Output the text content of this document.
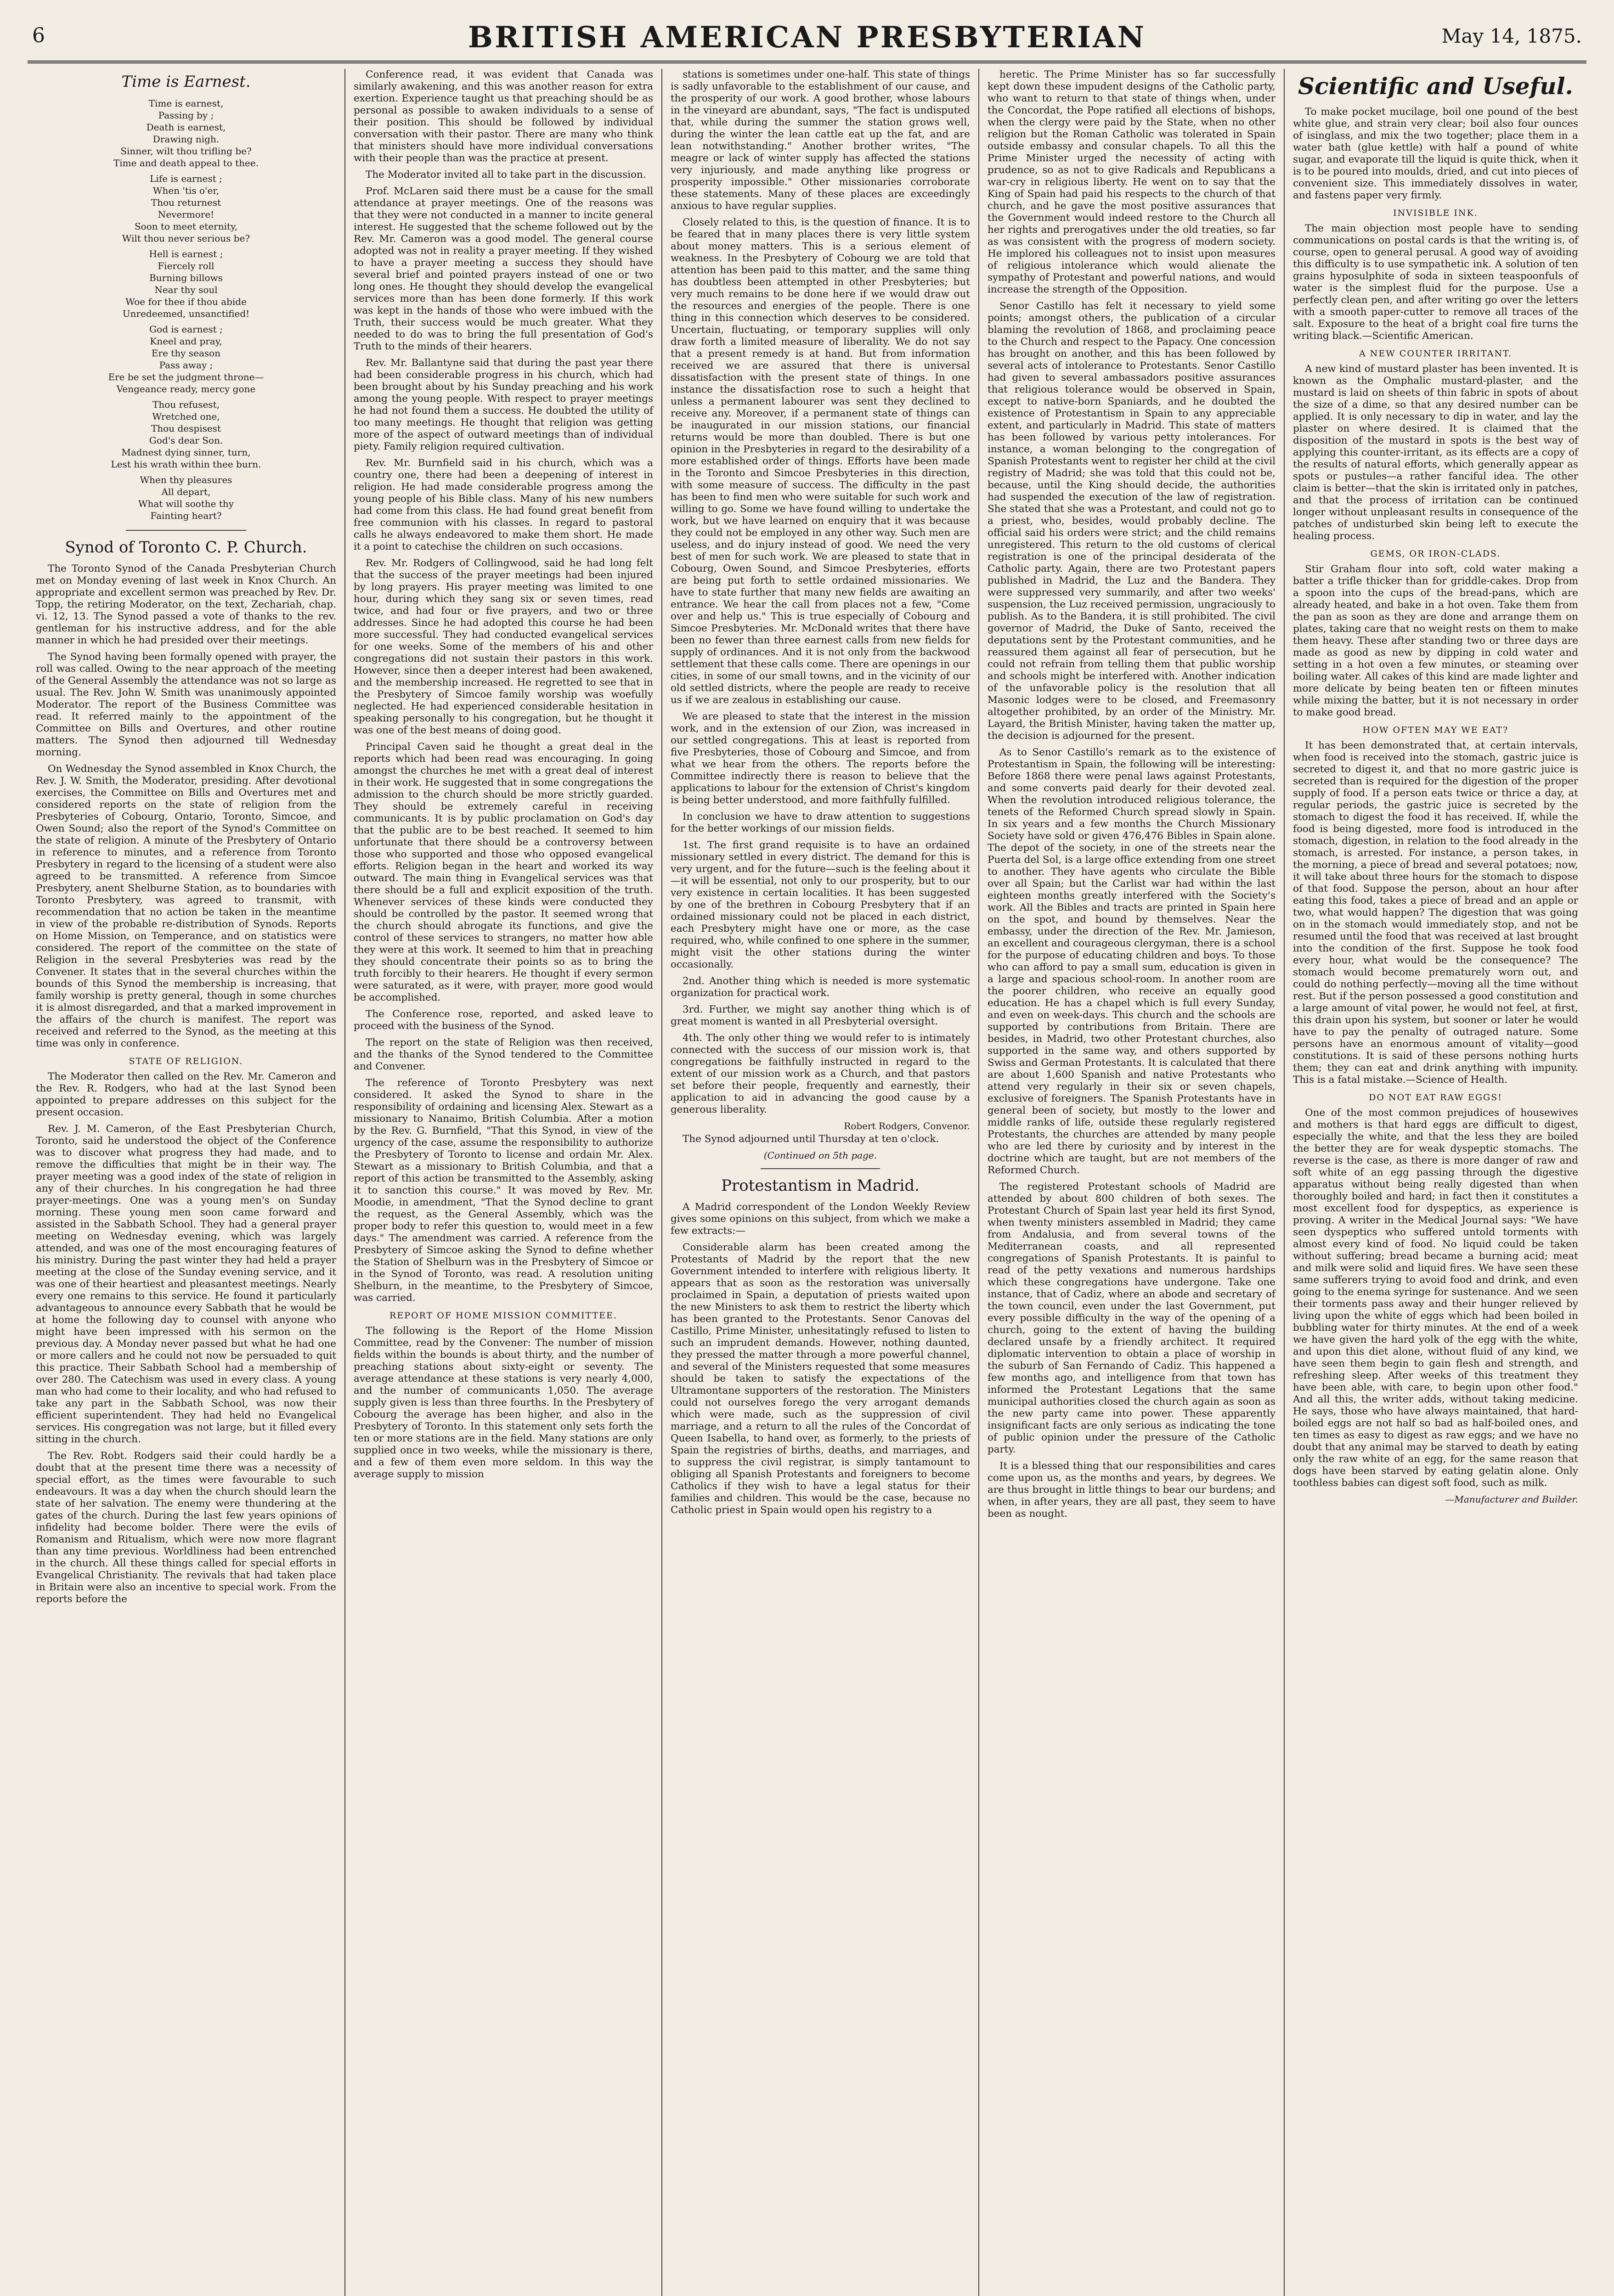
6	BRITISH AMERICAN PRESBYTERIAN	May 14, 1875.
Time is Earnest.
Time is earnest,
Passing by ;
Death is earnest,
Drawing nigh.
Sinner, wilt thou trifling be?
Time and death appeal to thee.
Life is earnest ;
When 'tis o'er,
Thou returnest
Nevermore!
Soon to meet eternity,
Wilt thou never serious be?
Hell is earnest ;
Fiercely roll
Burning billows
Near thy soul
Woe for thee if thou abide
Unredeemed, unsanctified!
God is earnest ;
Kneel and pray,
Ere thy season
Pass away ;
Ere be set the judgment throne—
Vengeance ready, mercy gone
Thou refusest,
Wretched one,
Thou despisest
God's dear Son.
Madnest dying sinner, turn,
Lest his wrath within thee burn.
When thy pleasures
All depart,
What will soothe thy
Fainting heart?
Synod of Toronto C. P. Church.

The Toronto Synod of the Canada Presbyterian Church met on Monday evening of last week in Knox Church. An appropriate and excellent sermon was preached by Rev. Dr. Topp, the retiring Moderator, on the text, Zechariah, chap. vi. 12, 13. The Synod passed a vote of thanks to the rev. gentleman for his instructive address, and for the able manner in which he had presided over their meetings.

The Synod having been formally opened with prayer, the roll was called. Owing to the near approach of the meeting of the General Assembly the attendance was not so large as usual. The Rev. John W. Smith was unanimously appointed Moderator. The report of the Business Committee was read. It referred mainly to the appointment of the Committee on Bills and Overtures, and other routine matters. The Synod then adjourned till Wednesday morning.

On Wednesday the Synod assembled in Knox Church, the Rev. J. W. Smith, the Moderator, presiding. After devotional exercises, the Committee on Bills and Overtures met and considered reports on the state of religion from the Presbyteries of Cobourg, Ontario, Toronto, Simcoe, and Owen Sound; also the report of the Synod's Committee on the state of religion. A minute of the Presbytery of Ontario in reference to minutes, and a reference from Toronto Presbytery in regard to the licensing of a student were also agreed to be transmitted. A reference from Simcoe Presbytery, anent Shelburne Station, as to boundaries with Toronto Presbytery, was agreed to transmit, with recommendation that no action be taken in the meantime in view of the probable re-distribution of Synods. Reports on Home Mission, on Temperance, and on statistics were considered. The report of the committee on the state of Religion in the several Presbyteries was read by the Convener. It states that in the several churches within the bounds of this Synod the membership is increasing, that family worship is pretty general, though in some churches it is almost disregarded, and that a marked improvement in the affairs of the church is manifest. The report was received and referred to the Synod, as the meeting at this time was only in conference.

STATE OF RELIGION.

The Moderator then called on the Rev. Mr. Cameron and the Rev. R. Rodgers, who had at the last Synod been appointed to prepare addresses on this subject for the present occasion.

Rev. J. M. Cameron, of the East Presbyterian Church, Toronto, said he understood the object of the Conference was to discover what progress they had made, and to remove the difficulties that might be in their way. The prayer meeting was a good index of the state of religion in any of their churches. In his congregation he had three prayer-meetings. One was a young men's on Sunday morning. These young men soon came forward and assisted in the Sabbath School. They had a general prayer meeting on Wednesday evening, which was largely attended, and was one of the most encouraging features of his ministry. During the past winter they had held a prayer meeting at the close of the Sunday evening service, and it was one of their heartiest and pleasantest meetings. Nearly every one remains to this service. He found it particularly advantageous to announce every Sabbath that he would be at home the following day to counsel with anyone who might have been impressed with his sermon on the previous day. A Monday never passed but what he had one or more callers and he could not now be persuaded to quit this practice. Their Sabbath School had a membership of over 280. The Catechism was used in every class. A young man who had come to their locality, and who had refused to take any part in the Sabbath School, was now their efficient superintendent. They had held no Evangelical services. His congregation was not large, but it filled every sitting in the church.

The Rev. Robt. Rodgers said their could hardly be a doubt that at the present time there was a necessity of special effort, as the times were favourable to such endeavours. It was a day when the church should learn the state of her salvation. The enemy were thundering at the gates of the church. During the last few years opinions of infidelity had become bolder. There were the evils of Romanism and Ritualism, which were now more flagrant than any time previous. Worldliness had been entrenched in the church. All these things called for special efforts in Evangelical Christianity. The revivals that had taken place in Britain were also an incentive to special work. From the reports before the

Conference read, it was evident that Canada was similarly awakening, and this was another reason for extra exertion. Experience taught us that preaching should be as personal as possible to awaken individuals to a sense of their position. This should be followed by individual conversation with their pastor. There are many who think that ministers should have more individual conversations with their people than was the practice at present.

The Moderator invited all to take part in the discussion.

Prof. McLaren said there must be a cause for the small attendance at prayer meetings. One of the reasons was that they were not conducted in a manner to incite general interest. He suggested that the scheme followed out by the Rev. Mr. Cameron was a good model. The general course adopted was not in reality a prayer meeting. If they wished to have a prayer meeting a success they should have several brief and pointed prayers instead of one or two long ones. He thought they should develop the evangelical services more than has been done formerly. If this work was kept in the hands of those who were imbued with the Truth, their success would be much greater. What they needed to do was to bring the full presentation of God's Truth to the minds of their hearers.

Rev. Mr. Ballantyne said that during the past year there had been considerable progress in his church, which had been brought about by his Sunday preaching and his work among the young people. With respect to prayer meetings he had not found them a success. He doubted the utility of too many meetings. He thought that religion was getting more of the aspect of outward meetings than of individual piety. Family religion required cultivation.

Rev. Mr. Burnfield said in his church, which was a country one, there had been a deepening of interest in religion. He had made considerable progress among the young people of his Bible class. Many of his new numbers had come from this class. He had found great benefit from free communion with his classes. In regard to pastoral calls he always endeavored to make them short. He made it a point to catechise the children on such occasions.

Rev. Mr. Rodgers of Collingwood, said he had long felt that the success of the prayer meetings had been injured by long prayers. His prayer meeting was limited to one hour, during which they sang six or seven times, read twice, and had four or five prayers, and two or three addresses. Since he had adopted this course he had been more successful. They had conducted evangelical services for one weeks. Some of the members of his and other congregations did not sustain their pastors in this work. However, since then a deeper interest had been awakened, and the membership increased. He regretted to see that in the Presbytery of Simcoe family worship was woefully neglected. He had experienced considerable hesitation in speaking personally to his congregation, but he thought it was one of the best means of doing good.

Principal Caven said he thought a great deal in the reports which had been read was encouraging. In going amongst the churches he met with a great deal of interest in their work. He suggested that in some congregations the admission to the church should be more strictly guarded. They should be extremely careful in receiving communicants. It is by public proclamation on God's day that the public are to be best reached. It seemed to him unfortunate that there should be a controversy between those who supported and those who opposed evangelical efforts. Religion began in the heart and worked its way outward. The main thing in Evangelical services was that there should be a full and explicit exposition of the truth. Whenever services of these kinds were conducted they should be controlled by the pastor. It seemed wrong that the church should abrogate its functions, and give the control of these services to strangers, no matter how able they were at this work. It seemed to him that in preaching they should concentrate their points so as to bring the truth forcibly to their hearers. He thought if every sermon were saturated, as it were, with prayer, more good would be accomplished.

The Conference rose, reported, and asked leave to proceed with the business of the Synod.

The report on the state of Religion was then received, and the thanks of the Synod tendered to the Committee and Convener.

The reference of Toronto Presbytery was next considered. It asked the Synod to share in the responsibility of ordaining and licensing Alex. Stewart as a missionary to Nanaimo, British Columbia. After a motion by the Rev. G. Burnfield, "That this Synod, in view of the urgency of the case, assume the responsibility to authorize the Presbytery of Toronto to license and ordain Mr. Alex. Stewart as a missionary to British Columbia, and that a report of this action be transmitted to the Assembly, asking it to sanction this course." It was moved by Rev. Mr. Moodie, in amendment, "That the Synod decline to grant the request, as the General Assembly, which was the proper body to refer this question to, would meet in a few days." The amendment was carried. A reference from the Presbytery of Simcoe asking the Synod to define whether the Station of Shelburn was in the Presbytery of Simcoe or in the Synod of Toronto, was read. A resolution uniting Shelburn, in the meantime, to the Presbytery of Simcoe, was carried.

REPORT OF HOME MISSION COMMITTEE.

The following is the Report of the Home Mission Committee, read by the Convener: The number of mission fields within the bounds is about thirty, and the number of preaching stations about sixty-eight or seventy. The average attendance at these stations is very nearly 4,000, and the number of communicants 1,050. The average supply given is less than three fourths. In the Presbytery of Cobourg the average has been higher, and also in the Presbytery of Toronto. In this statement only sets forth the ten or more stations are in the field. Many stations are only supplied once in two weeks, while the missionary is there, and a few of them even more seldom. In this way the average supply to mission

stations is sometimes under one-half. This state of things is sadly unfavorable to the establishment of our cause, and the prosperity of our work. A good brother, whose labours in the vineyard are abundant, says, "The fact is undisputed that, while during the summer the station grows well, during the winter the lean cattle eat up the fat, and are lean notwithstanding." Another brother writes, "The meagre or lack of winter supply has affected the stations very injuriously, and made anything like progress or prosperity impossible." Other missionaries corroborate these statements. Many of these places are exceedingly anxious to have regular supplies.

Closely related to this, is the question of finance. It is to be feared that in many places there is very little system about money matters. This is a serious element of weakness. In the Presbytery of Cobourg we are told that attention has been paid to this matter, and the same thing has doubtless been attempted in other Presbyteries; but very much remains to be done here if we would draw out the resources and energies of the people. There is one thing in this connection which deserves to be considered. Uncertain, fluctuating, or temporary supplies will only draw forth a limited measure of liberality. We do not say that a present remedy is at hand. But from information received we are assured that there is universal dissatisfaction with the present state of things. In one instance the dissatisfaction rose to such a height that unless a permanent labourer was sent they declined to receive any. Moreover, if a permanent state of things can be inaugurated in our mission stations, our financial returns would be more than doubled. There is but one opinion in the Presbyteries in regard to the desirability of a more established order of things. Efforts have been made in the Toronto and Simcoe Presbyteries in this direction, with some measure of success. The difficulty in the past has been to find men who were suitable for such work and willing to go. Some we have found willing to undertake the work, but we have learned on enquiry that it was because they could not be employed in any other way. Such men are useless, and do injury instead of good. We need the very best of men for such work. We are pleased to state that in Cobourg, Owen Sound, and Simcoe Presbyteries, efforts are being put forth to settle ordained missionaries. We have to state further that many new fields are awaiting an entrance. We hear the call from places not a few, "Come over and help us." This is true especially of Cobourg and Simcoe Presbyteries. Mr. McDonald writes that there have been no fewer than three earnest calls from new fields for supply of ordinances. And it is not only from the backwood settlement that these calls come. There are openings in our cities, in some of our small towns, and in the vicinity of our old settled districts, where the people are ready to receive us if we are zealous in establishing our cause.

We are pleased to state that the interest in the mission work, and in the extension of our Zion, was increased in our settled congregations. This at least is reported from five Presbyteries, those of Cobourg and Simcoe, and from what we hear from the others. The reports before the Committee indirectly there is reason to believe that the applications to labour for the extension of Christ's kingdom is being better understood, and more faithfully fulfilled.

In conclusion we have to draw attention to suggestions for the better workings of our mission fields.

1st. The first grand requisite is to have an ordained missionary settled in every district. The demand for this is very urgent, and for the future—such is the feeling about it—it will be essential, not only to our prosperity, but to our very existence in certain localities. It has been suggested by one of the brethren in Cobourg Presbytery that if an ordained missionary could not be placed in each district, each Presbytery might have one or more, as the case required, who, while confined to one sphere in the summer, might visit the other stations during the winter occasionally.

2nd. Another thing which is needed is more systematic organization for practical work.

3rd. Further, we might say another thing which is of great moment is wanted in all Presbyterial oversight.

4th. The only other thing we would refer to is intimately connected with the success of our mission work is, that congregations be faithfully instructed in regard to the extent of our mission work as a Church, and that pastors set before their people, frequently and earnestly, their application to aid in advancing the good cause by a generous liberality.

Robert Rodgers, Convenor.

The Synod adjourned until Thursday at ten o'clock.

(Continued on 5th page.
Protestantism in Madrid.

A Madrid correspondent of the London Weekly Review gives some opinions on this subject, from which we make a few extracts:—

Considerable alarm has been created among the Protestants of Madrid by the report that the new Government intended to interfere with religious liberty. It appears that as soon as the restoration was universally proclaimed in Spain, a deputation of priests waited upon the new Ministers to ask them to restrict the liberty which has been granted to the Protestants. Senor Canovas del Castillo, Prime Minister, unhesitatingly refused to listen to such an imprudent demands. However, nothing daunted, they pressed the matter through a more powerful channel, and several of the Ministers requested that some measures should be taken to satisfy the expectations of the Ultramontane supporters of the restoration. The Ministers could not ourselves forego the very arrogant demands which were made, such as the suppression of civil marriage, and a return to all the rules of the Concordat of Queen Isabella, to hand over, as formerly, to the priests of Spain the registries of births, deaths, and marriages, and to suppress the civil registrar, is simply tantamount to obliging all Spanish Protestants and foreigners to become Catholics if they wish to have a legal status for their families and children. This would be the case, because no Catholic priest in Spain would open his registry to a

heretic. The Prime Minister has so far successfully kept down these impudent designs of the Catholic party, who want to return to that state of things when, under the Concordat, the Pope ratified all elections of bishops, when the clergy were paid by the State, when no other religion but the Roman Catholic was tolerated in Spain outside embassy and consular chapels. To all this the Prime Minister urged the necessity of acting with prudence, so as not to give Radicals and Republicans a war-cry in religious liberty. He went on to say that the King of Spain had paid his respects to the church of that church, and he gave the most positive assurances that the Government would indeed restore to the Church all her rights and prerogatives under the old treaties, so far as was consistent with the progress of modern society. He implored his colleagues not to insist upon measures of religious intolerance which would alienate the sympathy of Protestant and powerful nations, and would increase the strength of the Opposition.

Senor Castillo has felt it necessary to yield some points; amongst others, the publication of a circular blaming the revolution of 1868, and proclaiming peace to the Church and respect to the Papacy. One concession has brought on another, and this has been followed by several acts of intolerance to Protestants. Senor Castillo had given to several ambassadors positive assurances that religious tolerance would be observed in Spain, except to native-born Spaniards, and he doubted the existence of Protestantism in Spain to any appreciable extent, and particularly in Madrid. This state of matters has been followed by various petty intolerances. For instance, a woman belonging to the congregation of Spanish Protestants went to register her child at the civil registry of Madrid; she was told that this could not be, because, until the King should decide, the authorities had suspended the execution of the law of registration. She stated that she was a Protestant, and could not go to a priest, who, besides, would probably decline. The official said his orders were strict; and the child remains unregistered. This return to the old customs of clerical registration is one of the principal desiderata of the Catholic party. Again, there are two Protestant papers published in Madrid, the Luz and the Bandera. They were suppressed very summarily, and after two weeks' suspension, the Luz received permission, ungraciously to publish. As to the Bandera, it is still prohibited. The civil governor of Madrid, the Duke of Santo, received the deputations sent by the Protestant communities, and he reassured them against all fear of persecution, but he could not refrain from telling them that public worship and schools might be interfered with. Another indication of the unfavorable policy is the resolution that all Masonic lodges were to be closed, and Freemasonry altogether prohibited, by an order of the Ministry. Mr. Layard, the British Minister, having taken the matter up, the decision is adjourned for the present.

As to Senor Castillo's remark as to the existence of Protestantism in Spain, the following will be interesting: Before 1868 there were penal laws against Protestants, and some converts paid dearly for their devoted zeal. When the revolution introduced religious tolerance, the tenets of the Reformed Church spread slowly in Spain. In six years and a few months the Church Missionary Society have sold or given 476,476 Bibles in Spain alone. The depot of the society, in one of the streets near the Puerta del Sol, is a large office extending from one street to another. They have agents who circulate the Bible over all Spain; but the Carlist war had within the last eighteen months greatly interfered with the Society's work. All the Bibles and tracts are printed in Spain here on the spot, and bound by themselves. Near the embassy, under the direction of the Rev. Mr. Jamieson, an excellent and courageous clergyman, there is a school for the purpose of educating children and boys. To those who can afford to pay a small sum, education is given in a large and spacious school-room. In another room are the poorer children, who receive an equally good education. He has a chapel which is full every Sunday, and even on week-days. This church and the schools are supported by contributions from Britain. There are besides, in Madrid, two other Protestant churches, also supported in the same way, and others supported by Swiss and German Protestants. It is calculated that there are about 1,600 Spanish and native Protestants who attend very regularly in their six or seven chapels, exclusive of foreigners. The Spanish Protestants have in general been of society, but mostly to the lower and middle ranks of life, outside these regularly registered Protestants, the churches are attended by many people who are led there by curiosity and by interest in the doctrine which are taught, but are not members of the Reformed Church.

The registered Protestant schools of Madrid are attended by about 800 children of both sexes. The Protestant Church of Spain last year held its first Synod, when twenty ministers assembled in Madrid; they came from Andalusia, and from several towns of the Mediterranean coasts, and all represented congregations of Spanish Protestants. It is painful to read of the petty vexations and numerous hardships which these congregations have undergone. Take one instance, that of Cadiz, where an abode and secretary of the town council, even under the last Government, put every possible difficulty in the way of the opening of a church, going to the extent of having the building declared unsafe by a friendly architect. It required diplomatic intervention to obtain a place of worship in the suburb of San Fernando of Cadiz. This happened a few months ago, and intelligence from that town has informed the Protestant Legations that the same municipal authorities closed the church again as soon as the new party came into power. These apparently insignificant facts are only serious as indicating the tone of public opinion under the pressure of the Catholic party.

It is a blessed thing that our responsibilities and cares come upon us, as the months and years, by degrees. We are thus brought in little things to bear our burdens; and when, in after years, they are all past, they seem to have been as nought.

Scientific and Useful.

To make pocket mucilage, boil one pound of the best white glue, and strain very clear; boil also four ounces of isinglass, and mix the two together; place them in a water bath (glue kettle) with half a pound of white sugar, and evaporate till the liquid is quite thick, when it is to be poured into moulds, dried, and cut into pieces of convenient size. This immediately dissolves in water, and fastens paper very firmly.

INVISIBLE INK.

The main objection most people have to sending communications on postal cards is that the writing is, of course, open to general perusal. A good way of avoiding this difficulty is to use sympathetic ink. A solution of ten grains hyposulphite of soda in sixteen teaspoonfuls of water is the simplest fluid for the purpose. Use a perfectly clean pen, and after writing go over the letters with a smooth paper-cutter to remove all traces of the salt. Exposure to the heat of a bright coal fire turns the writing black.—Scientific American.

A NEW COUNTER IRRITANT.

A new kind of mustard plaster has been invented. It is known as the Omphalic mustard-plaster, and the mustard is laid on sheets of thin fabric in spots of about the size of a dime, so that any desired number can be applied. It is only necessary to dip in water, and lay the plaster on where desired. It is claimed that the disposition of the mustard in spots is the best way of applying this counter-irritant, as its effects are a copy of the results of natural efforts, which generally appear as spots or pustules—a rather fanciful idea. The other claim is better—that the skin is irritated only in patches, and that the process of irritation can be continued longer without unpleasant results in consequence of the patches of undisturbed skin being left to execute the healing process.

GEMS, OR IRON-CLADS.

Stir Graham flour into soft, cold water making a batter a trifle thicker than for griddle-cakes. Drop from a spoon into the cups of the bread-pans, which are already heated, and bake in a hot oven. Take them from the pan as soon as they are done and arrange them on plates, taking care that no weight rests on them to make them heavy. These after standing two or three days are made as good as new by dipping in cold water and setting in a hot oven a few minutes, or steaming over boiling water. All cakes of this kind are made lighter and more delicate by being beaten ten or fifteen minutes while mixing the batter, but it is not necessary in order to make good bread.

HOW OFTEN MAY WE EAT?

It has been demonstrated that, at certain intervals, when food is received into the stomach, gastric juice is secreted to digest it, and that no more gastric juice is secreted than is required for the digestion of the proper supply of food. If a person eats twice or thrice a day, at regular periods, the gastric juice is secreted by the stomach to digest the food it has received. If, while the food is being digested, more food is introduced in the stomach, digestion, in relation to the food already in the stomach, is arrested. For instance, a person takes, in the morning, a piece of bread and several potatoes; now, it will take about three hours for the stomach to dispose of that food. Suppose the person, about an hour after eating this food, takes a piece of bread and an apple or two, what would happen? The digestion that was going on in the stomach would immediately stop, and not be resumed until the food that was received at last brought into the condition of the first. Suppose he took food every hour, what would be the consequence? The stomach would become prematurely worn out, and could do nothing perfectly—moving all the time without rest. But if the person possessed a good constitution and a large amount of vital power, he would not feel, at first, this drain upon his system, but sooner or later he would have to pay the penalty of outraged nature. Some persons have an enormous amount of vitality—good constitutions. It is said of these persons nothing hurts them; they can eat and drink anything with impunity. This is a fatal mistake.—Science of Health.

DO NOT EAT RAW EGGS!

One of the most common prejudices of housewives and mothers is that hard eggs are difficult to digest, especially the white, and that the less they are boiled the better they are for weak dyspeptic stomachs. The reverse is the case, as there is more danger of raw and soft white of an egg passing through the digestive apparatus without being really digested than when thoroughly boiled and hard; in fact then it constitutes a most excellent food for dyspeptics, as experience is proving. A writer in the Medical Journal says: "We have seen dyspeptics who suffered untold torments with almost every kind of food. No liquid could be taken without suffering; bread became a burning acid; meat and milk were solid and liquid fires. We have seen these same sufferers trying to avoid food and drink, and even going to the enema syringe for sustenance. And we seen their torments pass away and their hunger relieved by living upon the white of eggs which had been boiled in bubbling water for thirty minutes. At the end of a week we have given the hard yolk of the egg with the white, and upon this diet alone, without fluid of any kind, we have seen them begin to gain flesh and strength, and refreshing sleep. After weeks of this treatment they have been able, with care, to begin upon other food." And all this, the writer adds, without taking medicine. He says, those who have always maintained, that hard-boiled eggs are not half so bad as half-boiled ones, and ten times as easy to digest as raw eggs; and we have no doubt that any animal may be starved to death by eating only the raw white of an egg, for the same reason that dogs have been starved by eating gelatin alone. Only toothless babies can digest soft food, such as milk.

—Manufacturer and Builder.
